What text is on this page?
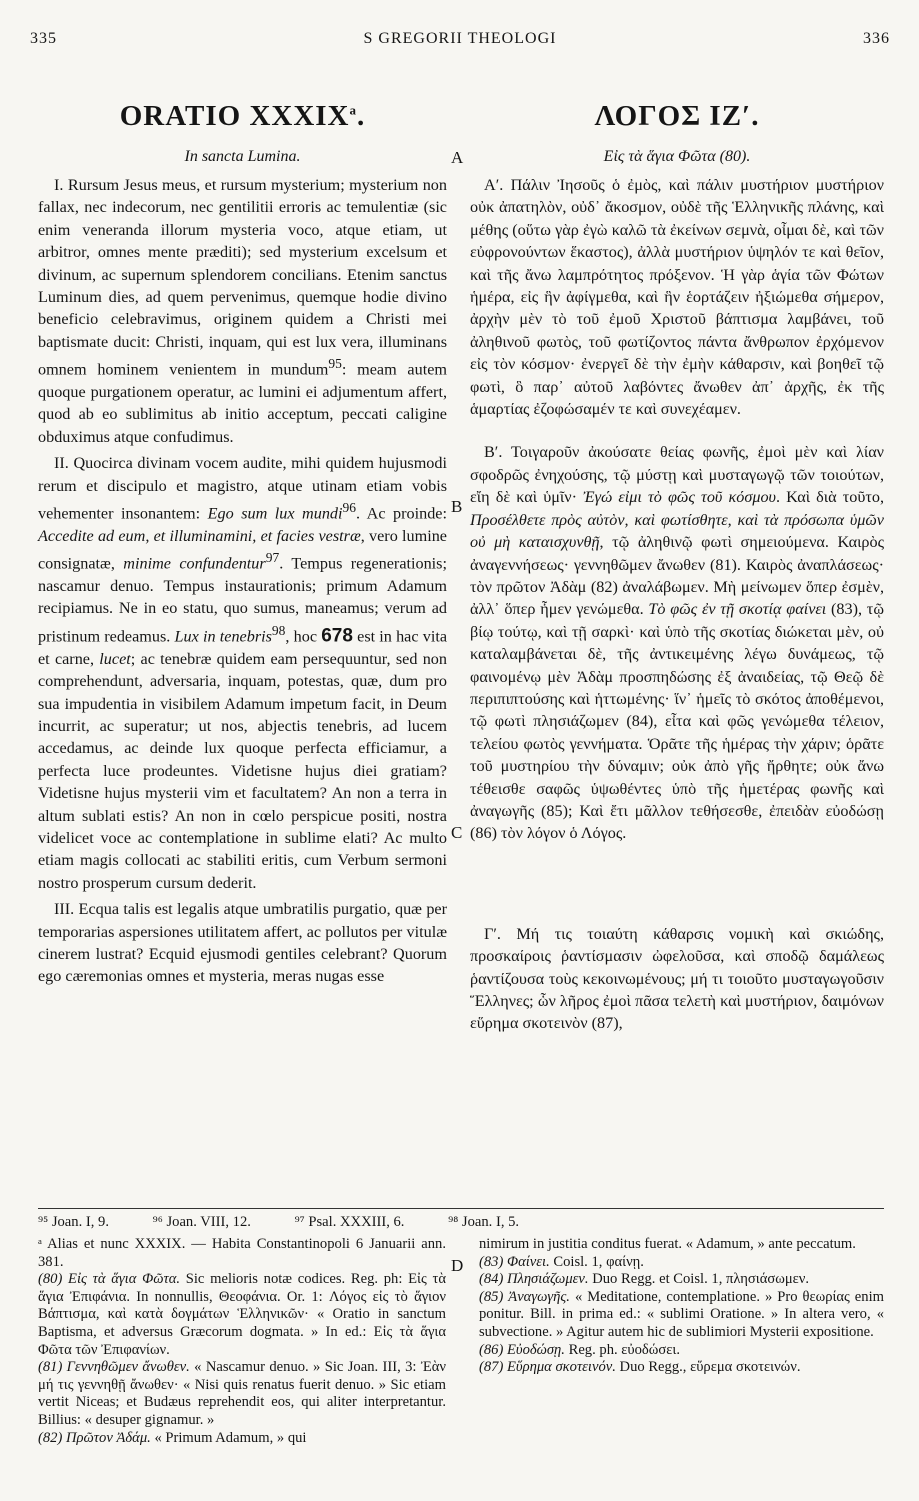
335	S GREGORII THEOLOGI	336
ORATIO XXXIX$^a$.	ΛΟΓΟΣ ΙΖ′.
In sancta Lumina.	Εἰς τὰ ἅγια Φῶτα (80).
A
B
C
D

I. Rursum Jesus meus, et rursum mysterium; mysterium non fallax, nec indecorum, nec gentilitii erroris ac temulentiæ (sic enim veneranda illorum mysteria voco, atque etiam, ut arbitror, omnes mente præditi); sed mysterium excelsum et divinum, ac supernum splendorem concilians. Etenim sanctus Luminum dies, ad quem pervenimus, quemque hodie divino beneficio celebravimus, originem quidem a Christi mei baptismate ducit: Christi, inquam, qui est lux vera, illuminans omnem hominem venientem in mundum$^{95}$: meam autem quoque purgationem operatur, ac lumini ei adjumentum affert, quod ab eo sublimitus ab initio acceptum, peccati caligine obduximus atque confudimus.

II. Quocirca divinam vocem audite, mihi quidem hujusmodi rerum et discipulo et magistro, atque utinam etiam vobis vehementer insonantem: Ego sum lux mundi$^{96}$. Ac proinde: Accedite ad eum, et illuminamini, et facies vestræ, vero lumine consignatæ, minime confundentur$^{97}$. Tempus regenerationis; nascamur denuo. Tempus instaurationis; primum Adamum recipiamus. Ne in eo statu, quo sumus, maneamus; verum ad pristinum redeamus. Lux in tenebris$^{98}$, hoc 678 est in hac vita et carne, lucet; ac tenebræ quidem eam persequuntur, sed non comprehendunt, adversaria, inquam, potestas, quæ, dum pro sua impudentia in visibilem Adamum impetum facit, in Deum incurrit, ac superatur; ut nos, abjectis tenebris, ad lucem accedamus, ac deinde lux quoque perfecta efficiamur, a perfecta luce prodeuntes. Videtisne hujus diei gratiam? Videtisne hujus mysterii vim et facultatem? An non a terra in altum sublati estis? An non in cœlo perspicue positi, nostra videlicet voce ac contemplatione in sublime elati? Ac multo etiam magis collocati ac stabiliti eritis, cum Verbum sermoni nostro prosperum cursum dederit.

III. Ecqua talis est legalis atque umbratilis purgatio, quæ per temporarias aspersiones utilitatem affert, ac pollutos per vitulæ cinerem lustrat? Ecquid ejusmodi gentiles celebrant? Quorum ego cæremonias omnes et mysteria, meras nugas esse

Α′. Πάλιν Ἰησοῦς ὁ ἐμὸς, καὶ πάλιν μυστήριον μυστήριον οὐκ ἀπατηλὸν, οὐδ᾿ ἄκοσμον, οὐδὲ τῆς Ἑλληνικῆς πλάνης, καὶ μέθης (οὕτω γὰρ ἐγὼ καλῶ τὰ ἐκείνων σεμνὰ, οἶμαι δὲ, καὶ τῶν εὐφρονούντων ἕκαστος), ἀλλὰ μυστήριον ὑψηλόν τε καὶ θεῖον, καὶ τῆς ἄνω λαμπρότητος πρόξενον. Ἡ γὰρ ἁγία τῶν Φώτων ἡμέρα, εἰς ἣν ἀφίγμεθα, καὶ ἣν ἑορτάζειν ἠξιώμεθα σήμερον, ἀρχὴν μὲν τὸ τοῦ ἐμοῦ Χριστοῦ βάπτισμα λαμβάνει, τοῦ ἀληθινοῦ φωτὸς, τοῦ φωτίζοντος πάντα ἄνθρωπον ἐρχόμενον εἰς τὸν κόσμον· ἐνεργεῖ δὲ τὴν ἐμὴν κάθαρσιν, καὶ βοηθεῖ τῷ φωτὶ, ὃ παρ᾿ αὐτοῦ λαβόντες ἄνωθεν ἀπ᾿ ἀρχῆς, ἐκ τῆς ἁμαρτίας ἐζοφώσαμέν τε καὶ συνεχέαμεν.

Β′. Τοιγαροῦν ἀκούσατε θείας φωνῆς, ἐμοὶ μὲν καὶ λίαν σφοδρῶς ἐνηχούσης, τῷ μύστῃ καὶ μυσταγωγῷ τῶν τοιούτων, εἴη δὲ καὶ ὑμῖν· Ἐγώ εἰμι τὸ φῶς τοῦ κόσμου. Καὶ διὰ τοῦτο, Προσέλθετε πρὸς αὐτὸν, καὶ φωτίσθητε, καὶ τὰ πρόσωπα ὑμῶν οὐ μὴ καταισχυνθῇ, τῷ ἀληθινῷ φωτὶ σημειούμενα. Καιρὸς ἀναγεννήσεως· γεννηθῶμεν ἄνωθεν (81). Καιρὸς ἀναπλάσεως· τὸν πρῶτον Ἀδὰμ (82) ἀναλάβωμεν. Μὴ μείνωμεν ὅπερ ἐσμὲν, ἀλλ᾿ ὅπερ ἦμεν γενώμεθα. Τὸ φῶς ἐν τῇ σκοτίᾳ φαίνει (83), τῷ βίῳ τούτῳ, καὶ τῇ σαρκὶ· καὶ ὑπὸ τῆς σκοτίας διώκεται μὲν, οὐ καταλαμβάνεται δὲ, τῆς ἀντικειμένης λέγω δυνάμεως, τῷ φαινομένῳ μὲν Ἀδὰμ προσπηδώσης ἐξ ἀναιδείας, τῷ Θεῷ δὲ περιπιπτούσης καὶ ἡττωμένης· ἵν᾿ ἡμεῖς τὸ σκότος ἀποθέμενοι, τῷ φωτὶ πλησιάζωμεν (84), εἶτα καὶ φῶς γενώμεθα τέλειον, τελείου φωτὸς γεννήματα. Ὁρᾶτε τῆς ἡμέρας τὴν χάριν; ὁρᾶτε τοῦ μυστηρίου τὴν δύναμιν; οὐκ ἀπὸ γῆς ἤρθητε; οὐκ ἄνω τέθεισθε σαφῶς ὑψωθέντες ὑπὸ τῆς ἡμετέρας φωνῆς καὶ ἀναγωγῆς (85); Καὶ ἔτι μᾶλλον τεθήσεσθε, ἐπειδὰν εὐοδώσῃ (86) τὸν λόγον ὁ Λόγος.

Γ′. Μή τις τοιαύτη κάθαρσις νομικὴ καὶ σκιώδης, προσκαίροις ῥαντίσμασιν ὠφελοῦσα, καὶ σποδῷ δαμάλεως ῥαντίζουσα τοὺς κεκοινωμένους; μή τι τοιοῦτο μυσταγωγοῦσιν Ἕλληνες; ὧν λῆρος ἐμοὶ πᾶσα τελετὴ καὶ μυστήριον, δαιμόνων εὕρημα σκοτεινὸν (87),

⁹⁵ Joan. I, 9.	⁹⁶ Joan. VIII, 12.	⁹⁷ Psal. XXXIII, 6.	⁹⁸ Joan. I, 5.

ᵃ Alias et nunc XXXIX. — Habita Constantinopoli 6 Januarii ann. 381.

(80) Εἰς τὰ ἅγια Φῶτα. Sic melioris notæ codices. Reg. ph: Εἰς τὰ ἅγια Ἐπιφάνια. In nonnullis, Θεοφάνια. Or. 1: Λόγος εἰς τὸ ἅγιον Βάπτισμα, καὶ κατὰ δογμάτων Ἑλληνικῶν· « Oratio in sanctum Baptisma, et adversus Græcorum dogmata. » In ed.: Εἰς τὰ ἅγια Φῶτα τῶν Ἐπιφανίων.

(81) Γεννηθῶμεν ἄνωθεν. « Nascamur denuo. » Sic Joan. III, 3: Ἐὰν μή τις γεννηθῇ ἄνωθεν· « Nisi quis renatus fuerit denuo. » Sic etiam vertit Niceas; et Budæus reprehendit eos, qui aliter interpretantur. Billius: « desuper gignamur. »

(82) Πρῶτον Ἀδάμ. « Primum Adamum, » qui

nimirum in justitia conditus fuerat. « Adamum, » ante peccatum.

(83) Φαίνει. Coisl. 1, φαίνῃ.

(84) Πλησιάζωμεν. Duo Regg. et Coisl. 1, πλησιάσωμεν.

(85) Ἀναγωγῆς. « Meditatione, contemplatione. » Pro θεωρίας enim ponitur. Bill. in prima ed.: « sublimi Oratione. » In altera vero, « subvectione. » Agitur autem hic de sublimiori Mysterii expositione.

(86) Εὐοδώσῃ. Reg. ph. εὐοδώσει.

(87) Εὕρημα σκοτεινόν. Duo Regg., εὕρεμα σκοτεινών.
